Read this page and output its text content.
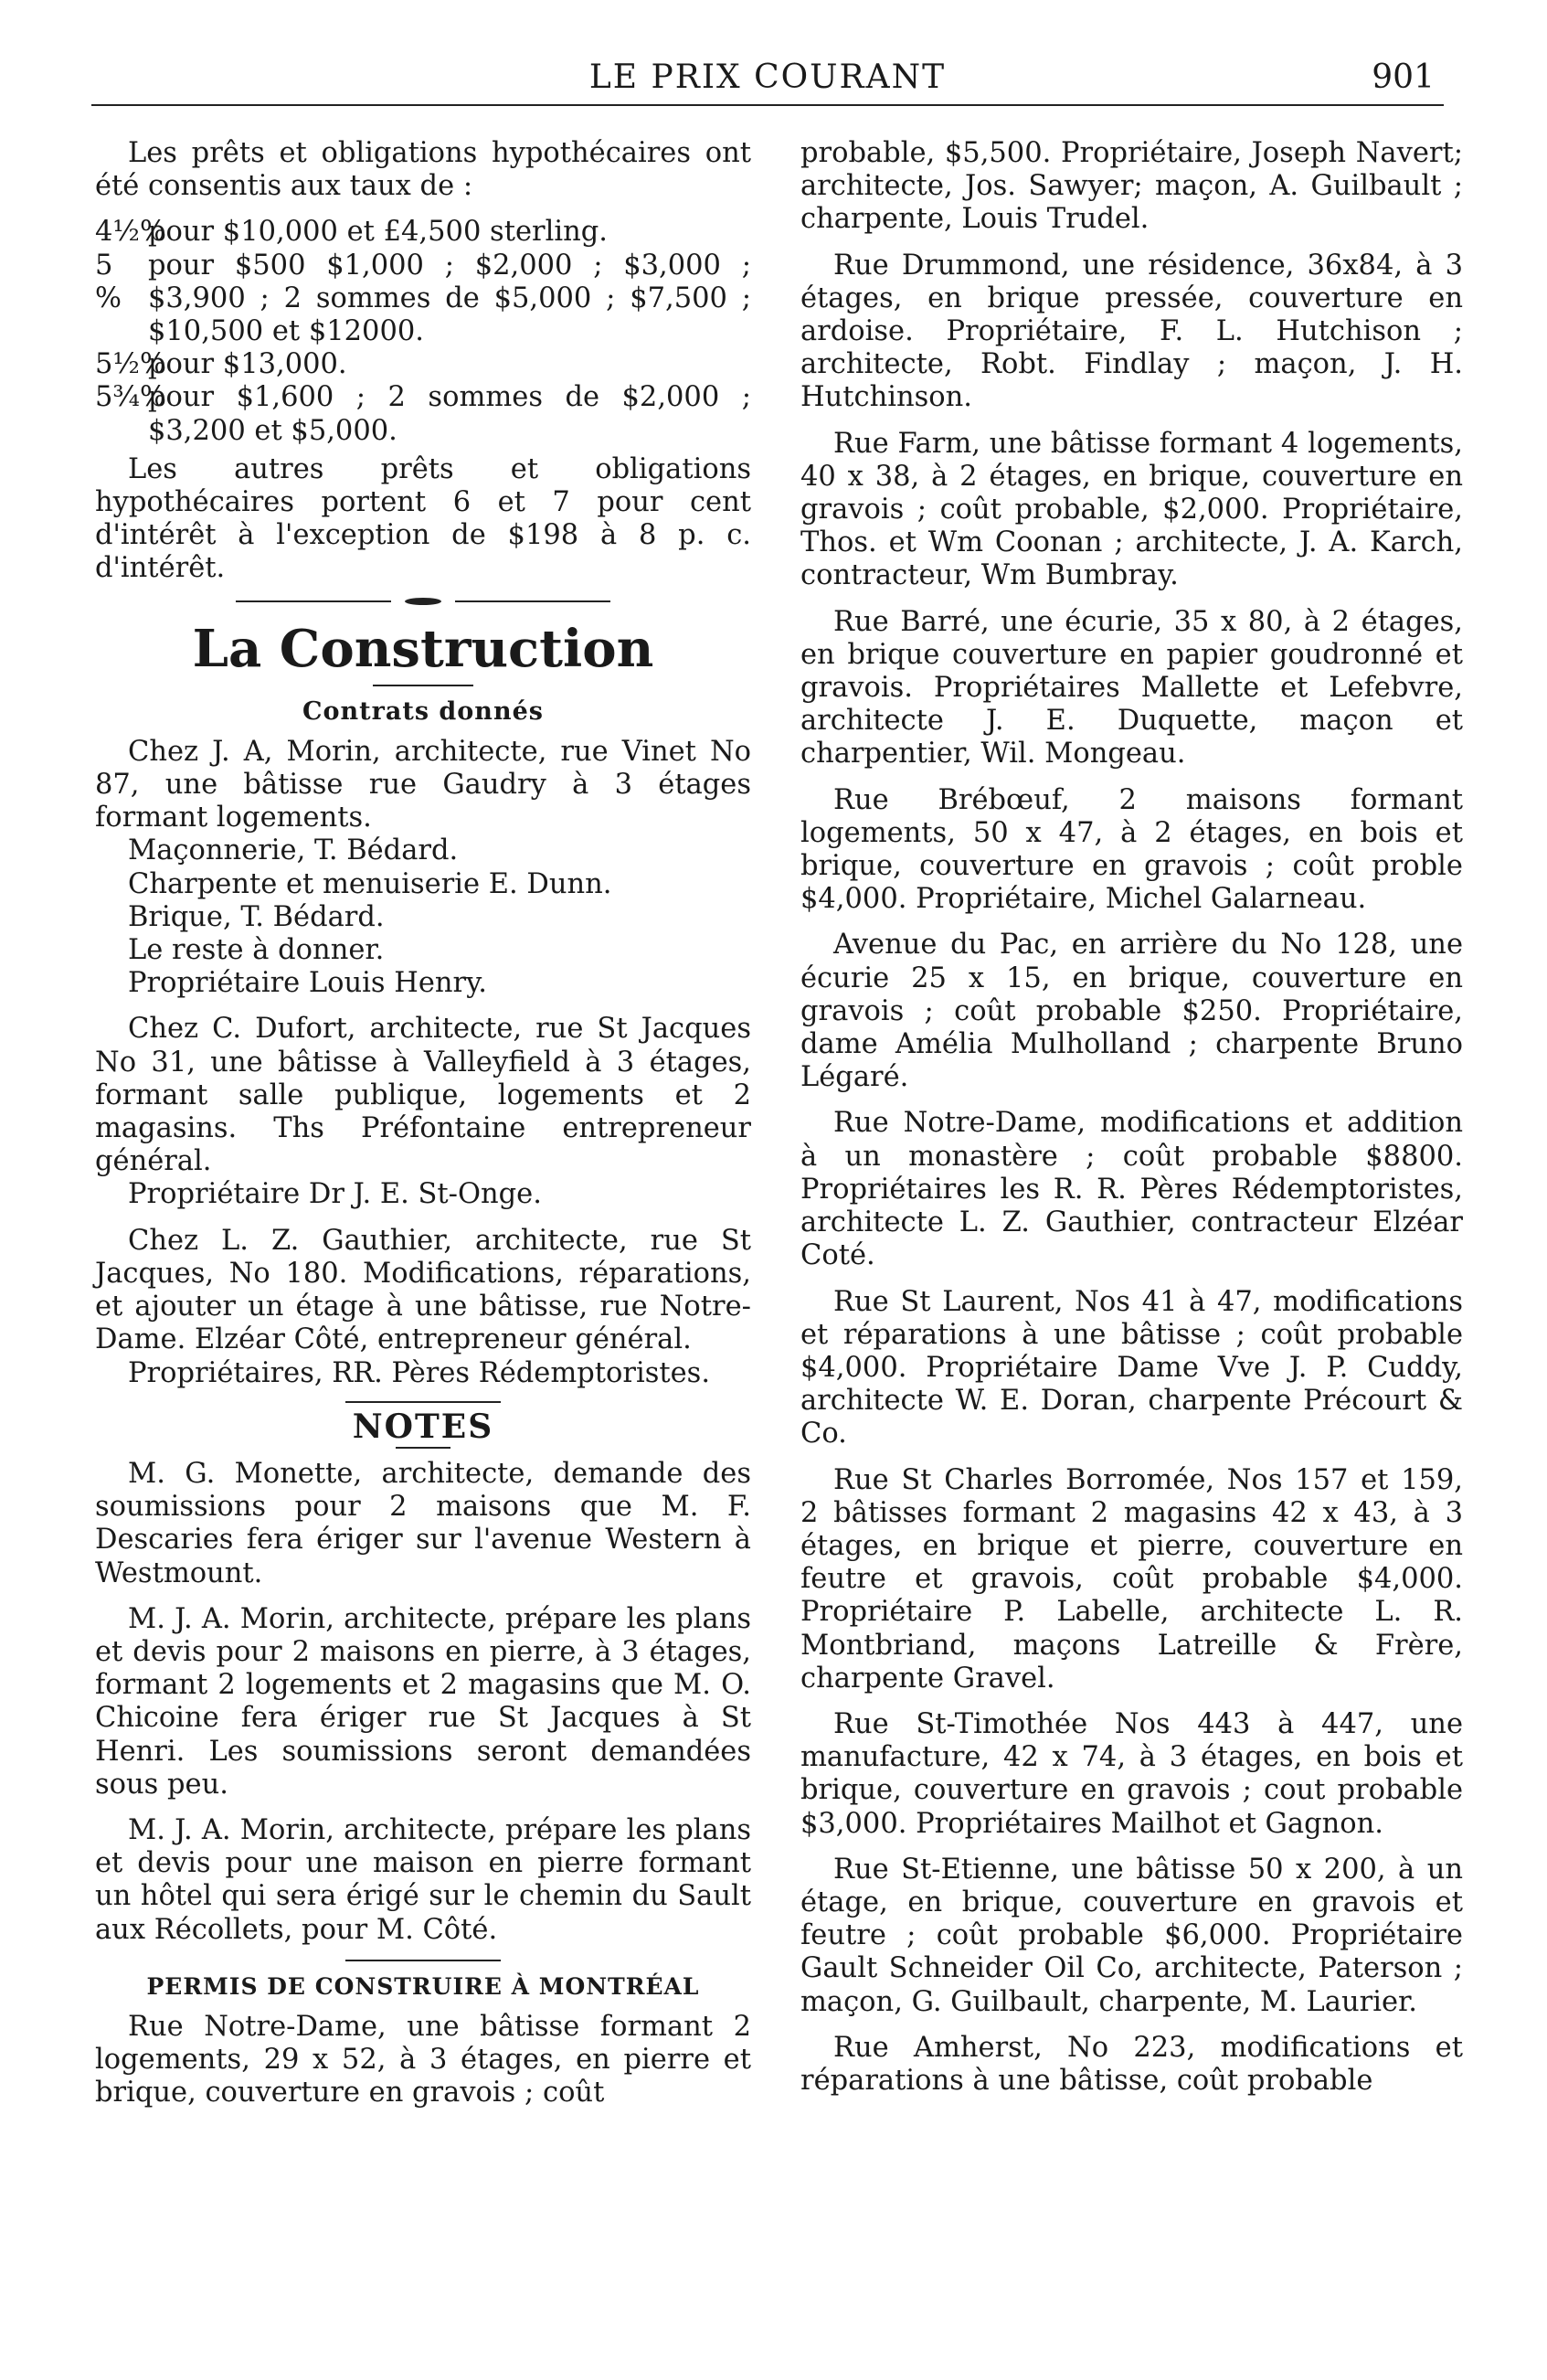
LE PRIX COURANT	901

Les prêts et obligations hypothécaires ont été consentis aux taux de :

4½%
pour $10,000 et £4,500 sterling.
5 %
pour $500 $1,000 ; $2,000 ; $3,000 ; $3,900 ; 2 sommes de $5,000 ; $7,500 ; $10,500 et $12000.
5½%
pour $13,000.
5¾%
pour $1,600 ; 2 sommes de $2,000 ; $3,200 et $5,000.

Les autres prêts et obligations hypothécaires portent 6 et 7 pour cent d'intérêt à l'exception de $198 à 8 p. c. d'intérêt.

La Construction
Contrats donnés

Chez J. A, Morin, architecte, rue Vinet No 87, une bâtisse rue Gaudry à 3 étages formant logements.

Maçonnerie, T. Bédard.
Charpente et menuiserie E. Dunn.
Brique, T. Bédard.
Le reste à donner.
Propriétaire Louis Henry.

Chez C. Dufort, architecte, rue St Jacques No 31, une bâtisse à Valleyfield à 3 étages, formant salle publique, logements et 2 magasins. Ths Préfontaine entrepreneur général.

Propriétaire Dr J. E. St-Onge.

Chez L. Z. Gauthier, architecte, rue St Jacques, No 180. Modifications, réparations, et ajouter un étage à une bâtisse, rue Notre-Dame. Elzéar Côté, entrepreneur général.

Propriétaires, RR. Pères Rédemptoristes.
NOTES

M. G. Monette, architecte, demande des soumissions pour 2 maisons que M. F. Descaries fera ériger sur l'avenue Western à Westmount.

M. J. A. Morin, architecte, prépare les plans et devis pour 2 maisons en pierre, à 3 étages, formant 2 logements et 2 magasins que M. O. Chicoine fera ériger rue St Jacques à St Henri. Les soumissions seront demandées sous peu.

M. J. A. Morin, architecte, prépare les plans et devis pour une maison en pierre formant un hôtel qui sera érigé sur le chemin du Sault aux Récollets, pour M. Côté.

PERMIS DE CONSTRUIRE À MONTRÉAL

Rue Notre-Dame, une bâtisse formant 2 logements, 29 x 52, à 3 étages, en pierre et brique, couverture en gravois ; coût

probable, $5,500. Propriétaire, Joseph Navert; architecte, Jos. Sawyer; maçon, A. Guilbault ; charpente, Louis Trudel.

Rue Drummond, une résidence, 36x84, à 3 étages, en brique pressée, couverture en ardoise. Propriétaire, F. L. Hutchison ; architecte, Robt. Findlay ; maçon, J. H. Hutchinson.

Rue Farm, une bâtisse formant 4 logements, 40 x 38, à 2 étages, en brique, couverture en gravois ; coût probable, $2,000. Propriétaire, Thos. et Wm Coonan ; architecte, J. A. Karch, contracteur, Wm Bumbray.

Rue Barré, une écurie, 35 x 80, à 2 étages, en brique couverture en papier goudronné et gravois. Propriétaires Mallette et Lefebvre, architecte J. E. Duquette, maçon et charpentier, Wil. Mongeau.

Rue Brébœuf, 2 maisons formant logements, 50 x 47, à 2 étages, en bois et brique, couverture en gravois ; coût proble $4,000. Propriétaire, Michel Galarneau.

Avenue du Pac, en arrière du No 128, une écurie 25 x 15, en brique, couverture en gravois ; coût probable $250. Propriétaire, dame Amélia Mulholland ; charpente Bruno Légaré.

Rue Notre-Dame, modifications et addition à un monastère ; coût probable $8800. Propriétaires les R. R. Pères Rédemptoristes, architecte L. Z. Gauthier, contracteur Elzéar Coté.

Rue St Laurent, Nos 41 à 47, modifications et réparations à une bâtisse ; coût probable $4,000. Propriétaire Dame Vve J. P. Cuddy, architecte W. E. Doran, charpente Précourt & Co.

Rue St Charles Borromée, Nos 157 et 159, 2 bâtisses formant 2 magasins 42 x 43, à 3 étages, en brique et pierre, couverture en feutre et gravois, coût probable $4,000. Propriétaire P. Labelle, architecte L. R. Montbriand, maçons Latreille & Frère, charpente Gravel.

Rue St-Timothée Nos 443 à 447, une manufacture, 42 x 74, à 3 étages, en bois et brique, couverture en gravois ; cout probable $3,000. Propriétaires Mailhot et Gagnon.

Rue St-Etienne, une bâtisse 50 x 200, à un étage, en brique, couverture en gravois et feutre ; coût probable $6,000. Propriétaire Gault Schneider Oil Co, architecte, Paterson ; maçon, G. Guilbault, charpente, M. Laurier.

Rue Amherst, No 223, modifications et réparations à une bâtisse, coût probable
